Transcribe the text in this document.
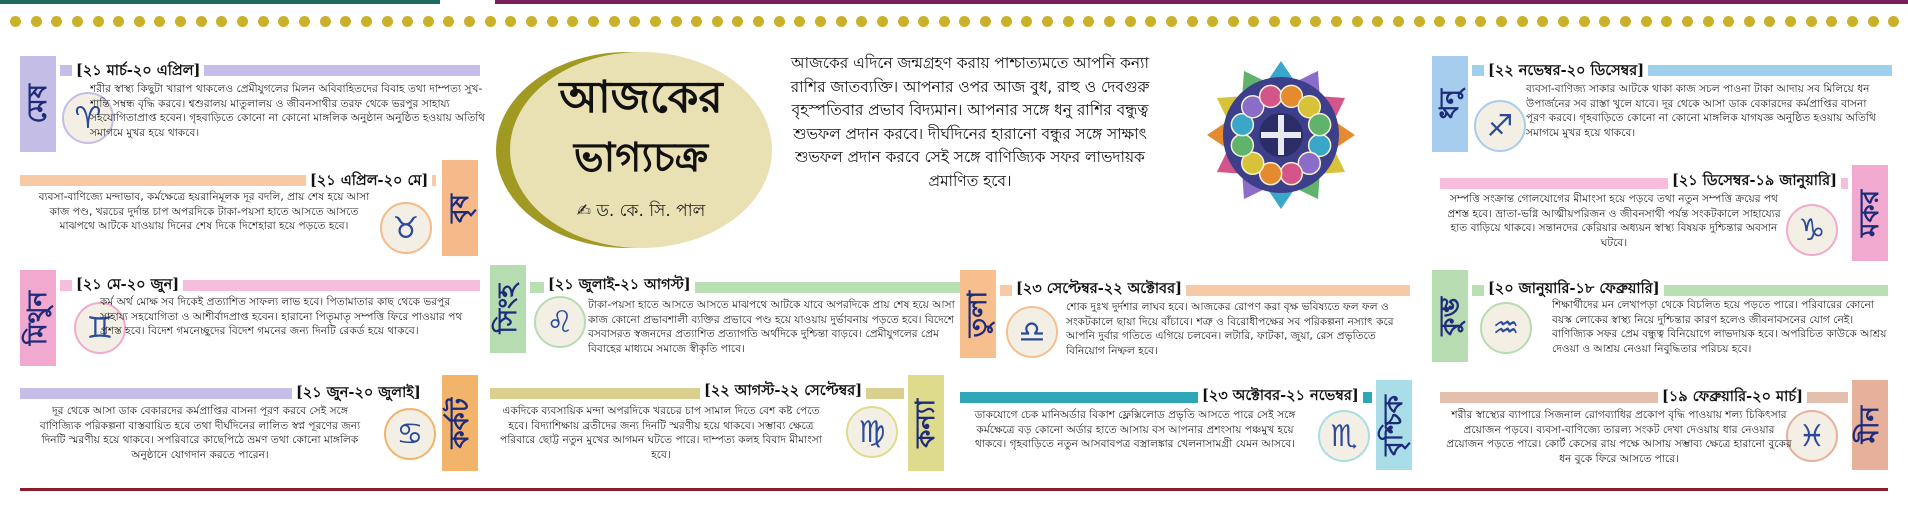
আজকের
ভাগ্যচক্র
✍ ড. কে. সি. পাল
আজকের এদিনে জন্মগ্রহণ করায় পাশ্চাত্যমতে আপনি কন্যা রাশির জাতব্যক্তি। আপনার ওপর আজ বুধ, রাহু ও দেবগুরু বৃহস্পতিবার প্রভাব বিদ্যমান। আপনার সঙ্গে ধনু রাশির বন্ধুত্ব শুভফল প্রদান করবে। দীর্ঘদিনের হারানো বন্ধুর সঙ্গে সাক্ষাৎ শুভফল প্রদান করবে সেই সঙ্গে বাণিজ্যিক সফর লাভদায়ক প্রমাণিত হবে।
মেষ
[২১ মার্চ-২০ এপ্রিল]
♈
শরীর স্বাস্থ্য কিছুটা খারাপ থাকলেও প্রেমীযুগলের মিলন অবিবাহিতদের বিবাহ তথা দাম্পত্য সুখ-শান্তি সম্বন্ধ বৃদ্ধি করবে। শ্বশুরালয় মাতুলালয় ও জীবনসাথীর তরফ থেকে ভরপুর সাহায্য সহযোগিতাপ্রাপ্ত হবেন। গৃহবাড়িতে কোনো না কোনো মাঙ্গলিক অনুষ্ঠান অনুষ্ঠিত হওয়ায় অতিথি সমাগমে মুখর হয়ে থাকবে।
বৃষ
[২১ এপ্রিল-২০ মে]
♉
ব্যবসা-বাণিজ্যে মন্দাভাব, কর্মক্ষেত্রে হয়রানিমূলক দূর বদলি, প্রায় শেষ হয়ে আসা কাজ পণ্ড, খরচের দুর্দান্ত চাপ অপরদিকে টাকা-পয়সা হাতে আসতে আসতে মাঝপথে আটকে যাওয়ায় দিনের শেষ দিকে দিশেহারা হয়ে পড়তে হবে।
মিথুন
[২১ মে-২০ জুন]
♊
কর্ম অর্থ মোক্ষ সব দিকেই প্রত্যাশিত সাফল্য লাভ হবে। পিতামাতার কাছ থেকে ভরপুর সাহায্য সহযোগিতা ও আশীর্বাদপ্রাপ্ত হবেন। হারানো পিতৃমাতৃ সম্পত্তি ফিরে পাওয়ার পথ প্রশস্ত হবে। বিদেশ গমনেচ্ছুদের বিদেশ গমনের জন্য দিনটি রেকর্ড হয়ে থাকবে।
কর্কট
[২১ জুন-২০ জুলাই]
♋
দূর থেকে আসা ডাক বেকারদের কর্মপ্রাপ্তির বাসনা পূরণ করবে সেই সঙ্গে বাণিজ্যিক পরিকল্পনা বাস্তবায়িত হবে তথা দীর্ঘদিনের লালিত স্বপ্ন পূরণের জন্য দিনটি স্মরণীয় হয়ে থাকবে। সপরিবারে কাছেপিঠে ভ্রমণ তথা কোনো মাঙ্গলিক অনুষ্ঠানে যোগদান করতে পারেন।
সিংহ	[২১ জুলাই-২১ আগস্ট]
♌	টাকা-পয়সা হাতে আসতে আসতে মাঝপথে আটকে যাবে অপরদিকে প্রায় শেষ হয়ে আসা কাজ কোনো প্রভাবশালী ব্যক্তির প্রভাবে পণ্ড হয়ে যাওয়ায় দুর্ভাবনায় পড়তে হবে। বিদেশে বসবাসরত স্বজনদের প্রত্যাশিত প্রত্যাগতি অর্থদিকে দুশ্চিন্তা বাড়বে। প্রেমীযুগলের প্রেম বিবাহের মাধ্যমে সমাজে স্বীকৃতি পাবে।
কন্যা
[২২ আগস্ট-২২ সেপ্টেম্বর]
♍
একদিকে ব্যবসায়িক মন্দা অপরদিকে খরচের চাপ সামাল দিতে বেশ কষ্ট পেতে হবে। বিদ্যাশিক্ষায় ব্রতীদের জন্য দিনটি স্মরণীয় হয়ে থাকবে। সম্ভাব্য ক্ষেত্রে পরিবারে ছোট্ট নতুন মুখের আগমন ঘটতে পারে। দাম্পত্য কলহ বিবাদ মীমাংসা হবে।
তুলা
[২৩ সেপ্টেম্বর-২২ অক্টোবর]
♎
শোক দুঃখ দুর্দশার লাঘব হবে। আজকের রোপণ করা বৃক্ষ ভবিষ্যতে ফল ফল ও সংকটকালে ছায়া দিয়ে বাঁচাবে। শত্রু ও বিরোধীপক্ষের সব পরিকল্পনা নস্যাৎ করে আপনি দুর্বার গতিতে এগিয়ে চলবেন। লটারি, ফাটকা, জুয়া, রেস প্রভৃতিতে বিনিয়োগ নিষ্ফল হবে।
বৃশ্চিক
[২৩ অক্টোবর-২১ নভেম্বর]
♏
ডাকযোগে চেক মানিঅর্ডার বিকাশ ফ্লেক্সিলোড প্রভৃতি আসতে পারে সেই সঙ্গে কর্মক্ষেত্রে বড় কোনো অর্ডার হাতে আসায় বস আপনার প্রশংসায় পঞ্চমুখ হয়ে থাকবে। গৃহবাড়িতে নতুন আসবাবপত্র বস্ত্রালঙ্কার খেলনাসামগ্রী যেমন আসবে।
ধনু
[২২ নভেম্বর-২০ ডিসেম্বর]
♐
ব্যবসা-বাণিজ্য সাকার আটকে থাকা কাজ সচল পাওনা টাকা আদায় সব মিলিয়ে ধন উপার্জনের সব রাস্তা খুলে যাবে। দূর থেকে আসা ডাক বেকারদের কর্মপ্রাপ্তির বাসনা পূরণ করবে। গৃহবাড়িতে কোনো না কোনো মাঙ্গলিক যাগযজ্ঞ অনুষ্ঠিত হওয়ায় অতিথি সমাগমে মুখর হয়ে থাকবে।
মকর
[২১ ডিসেম্বর-১৯ জানুয়ারি]
♑
সম্পত্তি সংক্রান্ত গোলযোগের মীমাংসা হয়ে পড়বে তথা নতুন সম্পত্তি ক্রয়ের পথ প্রশস্ত হবে। ভ্রাতা-ভগ্নি আত্মীয়পরিজন ও জীবনসাথী পর্যন্ত সংকটকালে সাহায্যের হাত বাড়িয়ে থাকবে। সন্তানদের কেরিয়ার অধ্যয়ন স্বাস্থ্য বিষয়ক দুশ্চিন্তার অবসান ঘটবে।
কুম্ভ
[২০ জানুয়ারি-১৮ ফেব্রুয়ারি]
♒
শিক্ষার্থীদের মন লেখাপড়া থেকে বিচলিত হয়ে পড়তে পারে। পরিবারের কোনো বয়স্ক লোকের স্বাস্থ্য নিয়ে দুশ্চিন্তার কারণ হলেও জীবনাবসনের যোগ নেই। বাণিজ্যিক সফর প্রেম বন্ধুত্ব বিনিয়োগে লাভদায়ক হবে। অপরিচিত কাউকে আশ্রয় দেওয়া ও আশ্রয় নেওয়া নিবুদ্ধিতার পরিচয় হবে।
মীন
[১৯ ফেব্রুয়ারি-২০ মার্চ]
♓
শরীর স্বাস্থ্যের ব্যাপারে সিজনাল রোগব্যাধির প্রকোপ বৃদ্ধি পাওয়ায় শল্য চিকিৎসার প্রয়োজন পড়বে। ব্যবসা-বাণিজ্যে তারল্য সংকট দেখা দেওয়ায় ধার নেওয়ার প্রয়োজন পড়তে পারে। কোর্ট কেসের রায় পক্ষে আসায় সম্ভাব্য ক্ষেত্রে হারানো বুকের ধন বুকে ফিরে আসতে পারে।
